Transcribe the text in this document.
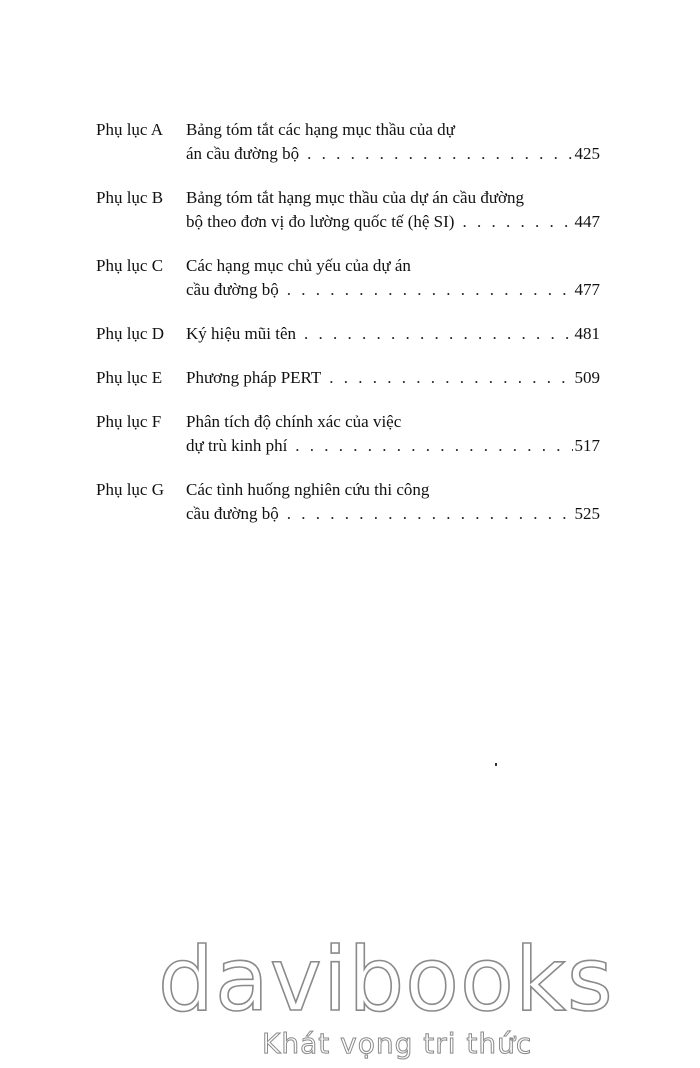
Phụ lục A	Bảng tóm tắt các hạng mục thầu của dự
án cầu đường bộ . . .	425
Phụ lục B	Bảng tóm tắt hạng mục thầu của dự án cầu đường
bộ theo đơn vị đo lường quốc tế (hệ SI) . . .	447
Phụ lục C	Các hạng mục chủ yếu của dự án
cầu đường bộ . . .	477
Phụ lục D	Ký hiệu mũi tên . . .	481
Phụ lục E	Phương pháp PERT . . .	509
Phụ lục F	Phân tích độ chính xác của việc
dự trù kinh phí . . .	517
Phụ lục G	Các tình huống nghiên cứu thi công
cầu đường bộ . . .	525
davibooks
Khát vọng tri thức
